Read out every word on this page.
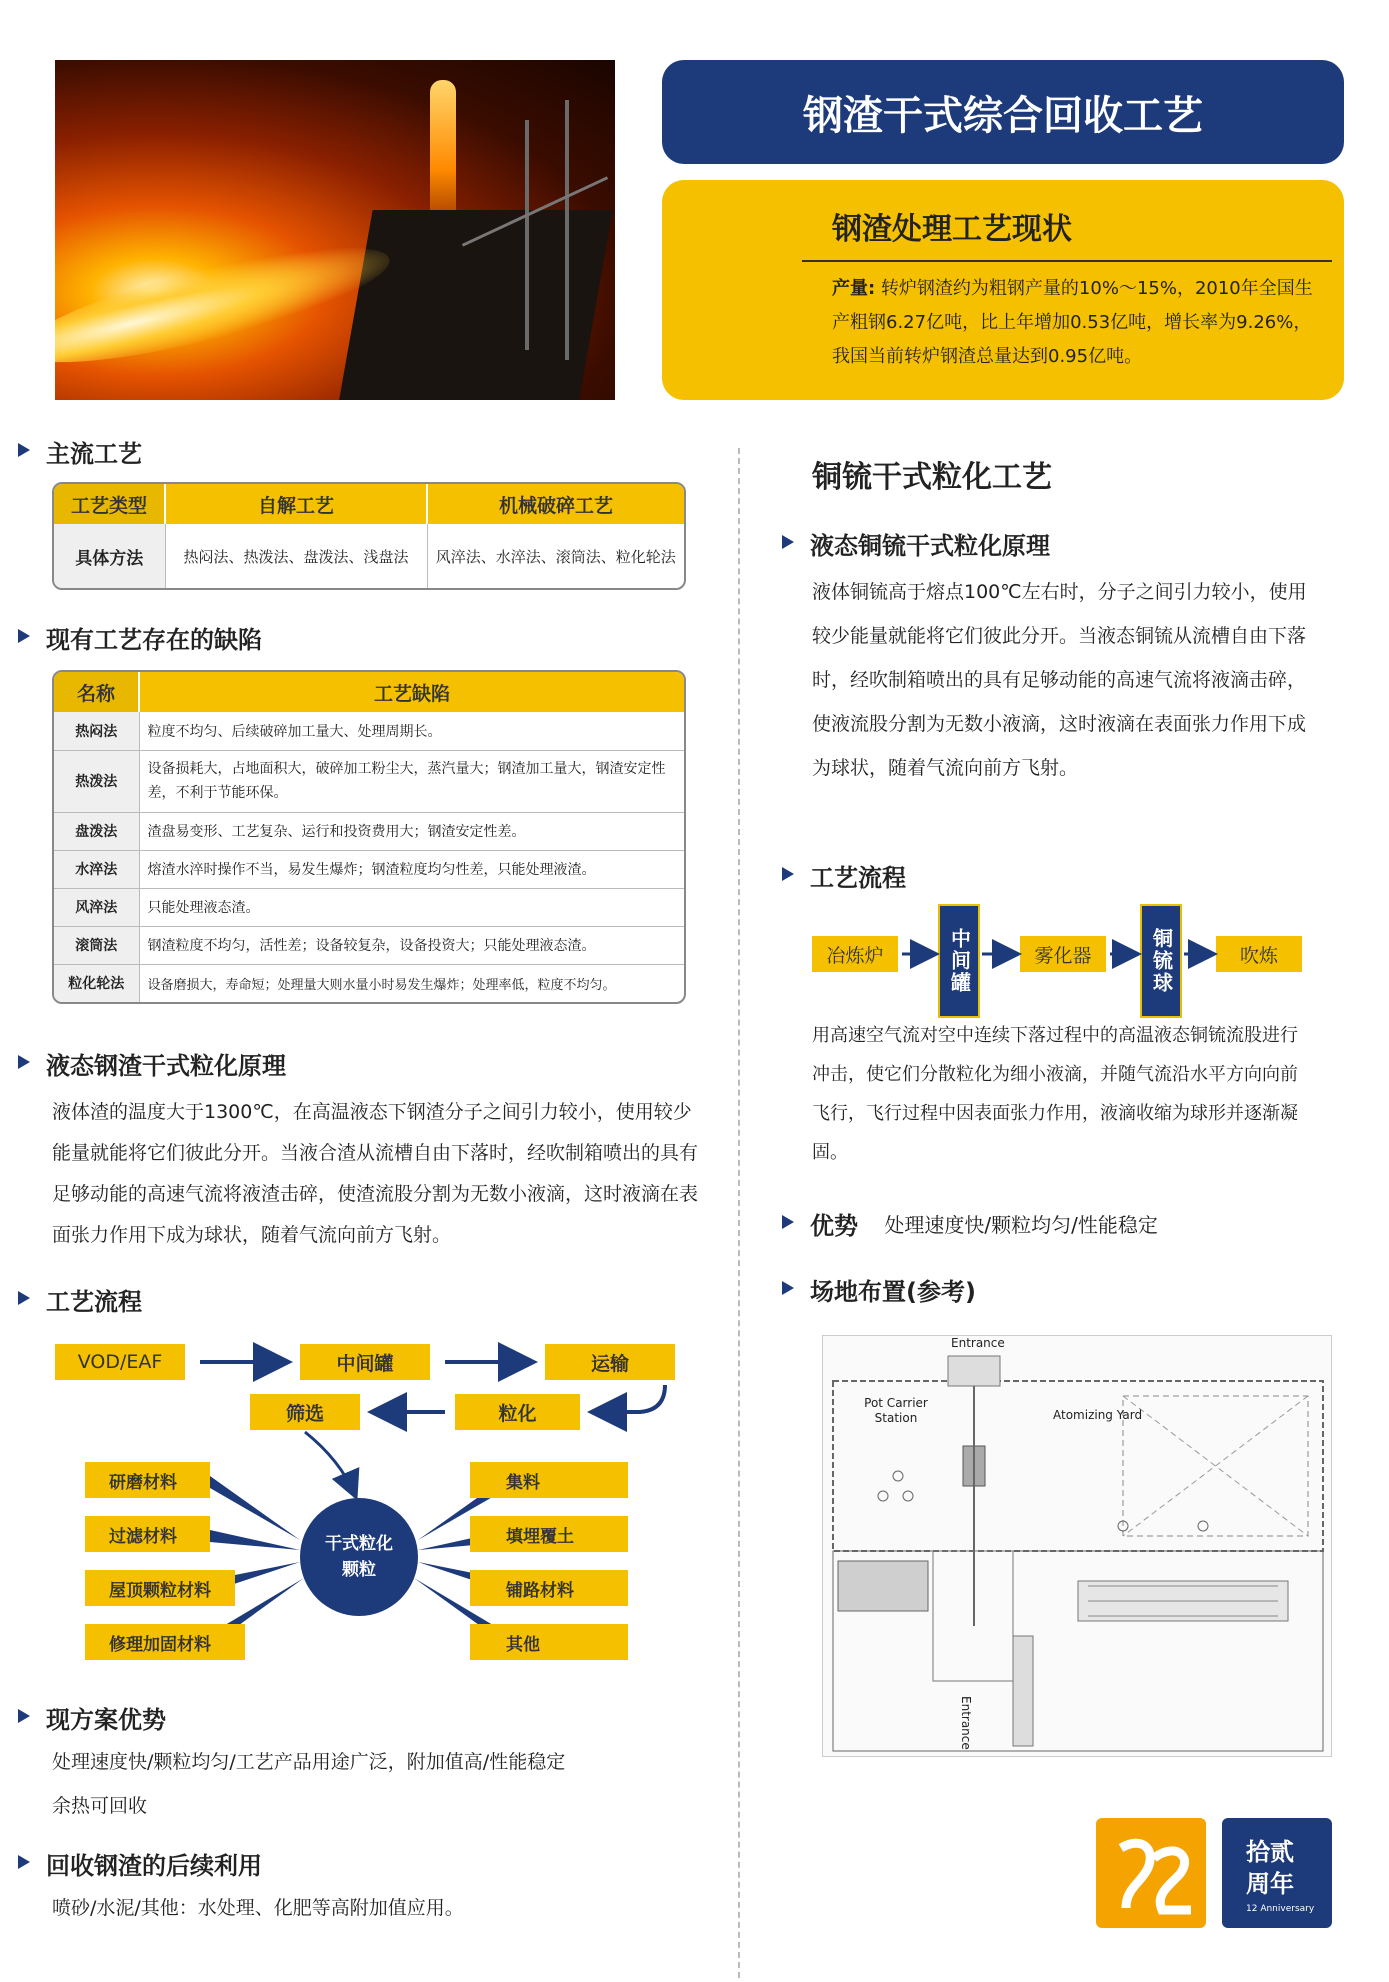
钢渣干式综合回收工艺
钢渣处理工艺现状
产量: 转炉钢渣约为粗钢产量的10%～15%，2010年全国生产粗钢6.27亿吨，比上年增加0.53亿吨，增长率为9.26%，我国当前转炉钢渣总量达到0.95亿吨。
主流工艺
工艺类型	自解工艺	机械破碎工艺
具体方法	热闷法、热泼法、盘泼法、浅盘法	风淬法、水淬法、滚筒法、粒化轮法
现有工艺存在的缺陷
名称	工艺缺陷
热闷法	粒度不均匀、后续破碎加工量大、处理周期长。
热泼法	设备损耗大，占地面积大，破碎加工粉尘大，蒸汽量大；钢渣加工量大，钢渣安定性差，不利于节能环保。
盘泼法	渣盘易变形、工艺复杂、运行和投资费用大；钢渣安定性差。
水淬法	熔渣水淬时操作不当，易发生爆炸；钢渣粒度均匀性差，只能处理液渣。
风淬法	只能处理液态渣。
滚筒法	钢渣粒度不均匀，活性差；设备较复杂，设备投资大；只能处理液态渣。
粒化轮法	设备磨损大，寿命短；处理量大则水量小时易发生爆炸；处理率低，粒度不均匀。
液态钢渣干式粒化原理
液体渣的温度大于1300℃，在高温液态下钢渣分子之间引力较小，使用较少能量就能将它们彼此分开。当液合渣从流槽自由下落时，经吹制箱喷出的具有足够动能的高速气流将液渣击碎，使渣流股分割为无数小液滴，这时液滴在表面张力作用下成为球状，随着气流向前方飞射。
工艺流程
VOD/EAF	中间罐	运输
筛选	粒化
研磨材料
过滤材料
屋顶颗粒材料
修理加固材料
集料
填埋覆土
铺路材料
其他
干式粒化颗粒
现方案优势
处理速度快/颗粒均匀/工艺产品用途广泛，附加值高/性能稳定
余热可回收
回收钢渣的后续利用
喷砂/水泥/其他：水处理、化肥等高附加值应用。
铜锍干式粒化工艺
液态铜锍干式粒化原理
液体铜锍高于熔点100℃左右时，分子之间引力较小，使用较少能量就能将它们彼此分开。当液态铜锍从流槽自由下落时，经吹制箱喷出的具有足够动能的高速气流将液滴击碎，使液流股分割为无数小液滴，这时液滴在表面张力作用下成为球状，随着气流向前方飞射。
工艺流程
冶炼炉	中间罐	雾化器	铜锍球	吹炼
用高速空气流对空中连续下落过程中的高温液态铜锍流股进行冲击，使它们分散粒化为细小液滴，并随气流沿水平方向向前飞行，飞行过程中因表面张力作用，液滴收缩为球形并逐渐凝固。
优势 处理速度快/颗粒均匀/性能稳定
场地布置(参考)
Entrance
Pot Carrier Station	Atomizing Yard
Entrance
拾贰
周年
12 Anniversary
